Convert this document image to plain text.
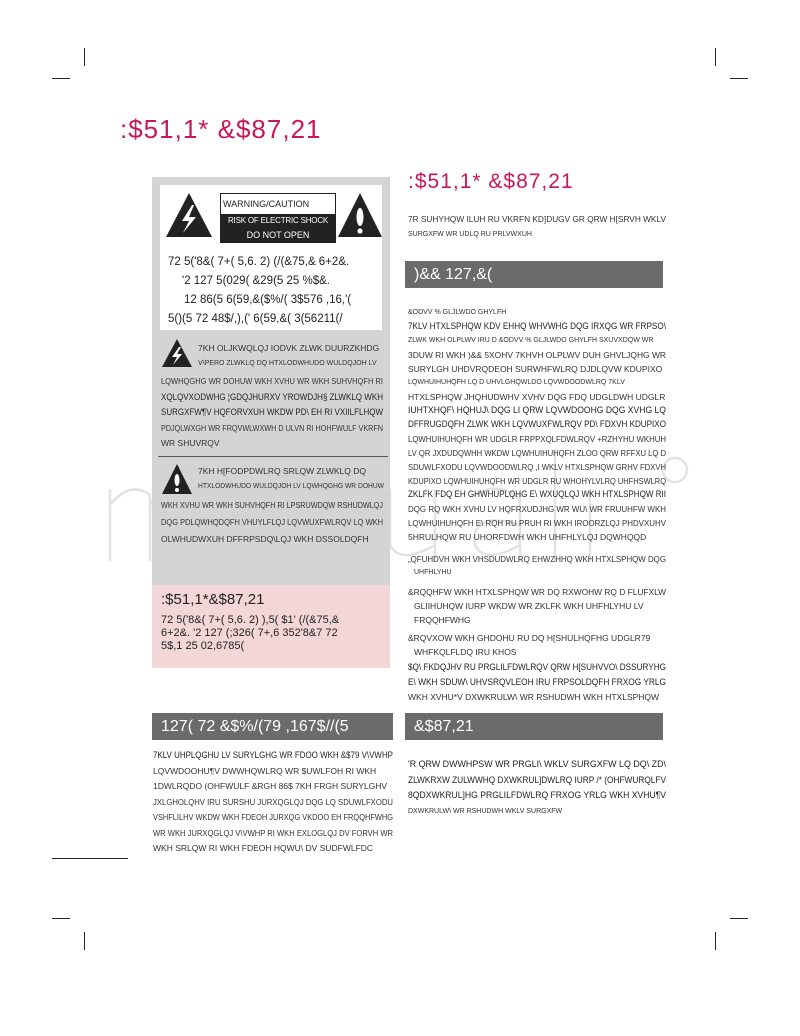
:$51,1* &$87,21
WARNING/CAUTION
RISK OF ELECTRIC SHOCK
DO NOT OPEN
72 5('8&( 7+( 5,6. 2) (/(&75,& 6+2&.
'2 127 5(029( &29(5 25 %$&.
12 86(5 6(59,&($%/( 3$576 ,16,'(
5()(5 72 48$/,),(' 6(59,&( 3(56211(/
7KH OLJKWQLQJ IODVK ZLWK DUURZKHDG
V\PERO ZLWKLQ DQ HTXLODWHUDO WULDQJOH LV
LQWHQGHG WR DOHUW WKH XVHU WR WKH SUHVHQFH RI
XQLQVXODWHG ¦GDQJHURXV YROWDJH§ ZLWKLQ WKH
SURGXFW¶V HQFORVXUH WKDW PD\ EH RI VXIILFLHQW
PDJQLWXGH WR FRQVWLWXWH D ULVN RI HOHFWULF VKRFN
WR SHUVRQV
7KH H[FODPDWLRQ SRLQW ZLWKLQ DQ
HTXLODWHUDO WULDQJOH LV LQWHQGHG WR DOHUW
WKH XVHU WR WKH SUHVHQFH RI LPSRUWDQW RSHUDWLQJ
DQG PDLQWHQDQFH VHUYLFLQJ LQVWUXFWLRQV LQ WKH
OLWHUDWXUH DFFRPSDQ\LQJ WKH DSSOLDQFH
:$51,1*&$87,21
72 5('8&( 7+( 5,6. 2) ),5( $1' (/(&75,&
6+2&. '2 127 (;326( 7+,6 352'8&7 72
5$,1 25 02,6785(
:$51,1* &$87,21
7R SUHYHQW ILUH RU VKRFN KD]DUGV GR QRW H[SRVH WKLV
SURGXFW WR UDLQ RU PRLVWXUH
)&& 127,&(
&ODVV % GLJLWDO GHYLFH
7KLV HTXLSPHQW KDV EHHQ WHVWHG DQG IRXQG WR FRPSO\
ZLWK WKH OLPLWV IRU D &ODVV % GLJLWDO GHYLFH SXUVXDQW WR
3DUW RI WKH )&& 5XOHV 7KHVH OLPLWV DUH GHVLJQHG WR
SURYLGH UHDVRQDEOH SURWHFWLRQ DJDLQVW KDUPIXO
LQWHUIHUHQFH LQ D UHVLGHQWLDO LQVWDOODWLRQ 7KLV
HTXLSPHQW JHQHUDWHV XVHV DQG FDQ UDGLDWH UDGLR
IUHTXHQF\ HQHUJ\ DQG LI QRW LQVWDOOHG DQG XVHG LQ
DFFRUGDQFH ZLWK WKH LQVWUXFWLRQV PD\ FDXVH KDUPIXO
LQWHUIHUHQFH WR UDGLR FRPPXQLFDWLRQV +RZHYHU WKHUH
LV QR JXDUDQWHH WKDW LQWHUIHUHQFH ZLOO QRW RFFXU LQ D
SDUWLFXODU LQVWDOODWLRQ ,I WKLV HTXLSPHQW GRHV FDXVH
KDUPIXO LQWHUIHUHQFH WR UDGLR RU WHOHYLVLRQ UHFHSWLRQ
ZKLFK FDQ EH GHWHUPLQHG E\ WXUQLQJ WKH HTXLSPHQW RII
DQG RQ WKH XVHU LV HQFRXUDJHG WR WU\ WR FRUUHFW WKH
LQWHUIHUHQFH E\ RQH RU PRUH RI WKH IROORZLQJ PHDVXUHV
5HRULHQW RU UHORFDWH WKH UHFHLYLQJ DQWHQQD
„QFUHDVH WKH VHSDUDWLRQ EHWZHHQ WKH HTXLSPHQW DQG
UHFHLYHU
&RQQHFW WKH HTXLSPHQW WR DQ RXWOHW RQ D FLUFXLW
GLIIHUHQW IURP WKDW WR ZKLFK WKH UHFHLYHU LV
FRQQHFWHG
&RQVXOW WKH GHDOHU RU DQ H[SHULHQFHG UDGLR79
WHFKQLFLDQ IRU KHOS
$Q\ FKDQJHV RU PRGLILFDWLRQV QRW H[SUHVVO\ DSSURYHG
E\ WKH SDUW\ UHVSRQVLEOH IRU FRPSOLDQFH FRXOG YRLG
WKH XVHU*V DXWKRULW\ WR RSHUDWH WKH HTXLSPHQW
127( 72 &$%/(79 ,167$//(5
7KLV UHPLQGHU LV SURYLGHG WR FDOO WKH &$79 V\VWHP
LQVWDOOHU¶V DWWHQWLRQ WR $UWLFOH RI WKH
1DWLRQDO (OHFWULF &RGH 86$ 7KH FRGH SURYLGHV
JXLGHOLQHV IRU SURSHU JURXQGLQJ DQG LQ SDUWLFXODU
VSHFLILHV WKDW WKH FDEOH JURXQG VKDOO EH FRQQHFWHG
WR WKH JURXQGLQJ V\VWHP RI WKH EXLOGLQJ DV FORVH WR
WKH SRLQW RI WKH FDEOH HQWU\ DV SUDFWLFDC
&$87,21
'R QRW DWWHPSW WR PRGLI\ WKLV SURGXFW LQ DQ\ ZD\
ZLWKRXW ZULWWHQ DXWKRUL]DWLRQ IURP /* (OHFWURQLFV
8QDXWKRUL]HG PRGLILFDWLRQ FRXOG YRLG WKH XVHU¶V
DXWKRULW\ WR RSHUDWH WKLV SURGXFW
